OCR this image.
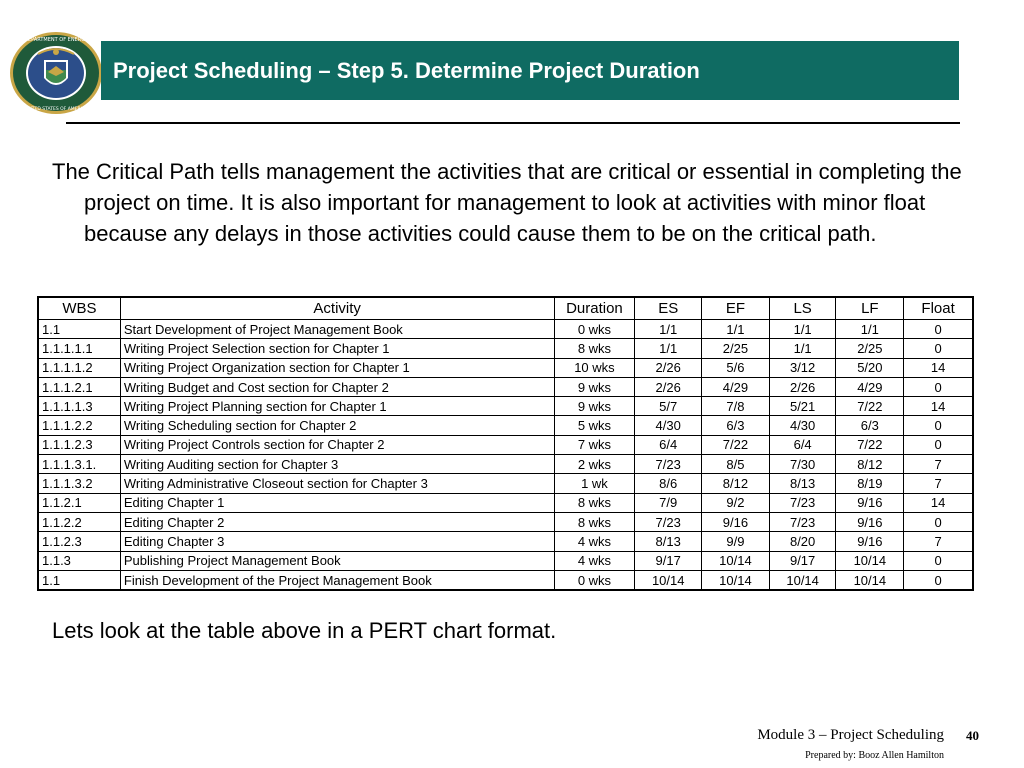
DEPARTMENT OF ENERGY
UNITED STATES OF AMERICA
Project Scheduling – Step 5. Determine Project Duration

The Critical Path tells management the activities that are critical or essential in completing the project on time. It is also important for management to look at activities with minor float because any delays in those activities could cause them to be on the critical path.

WBS	Activity	Duration	ES	EF	LS	LF	Float
1.1	Start Development of Project Management Book	0 wks	1/1	1/1	1/1	1/1	0
1.1.1.1.1	Writing Project Selection section for Chapter 1	8 wks	1/1	2/25	1/1	2/25	0
1.1.1.1.2	Writing Project Organization section for Chapter 1	10 wks	2/26	5/6	3/12	5/20	14
1.1.1.2.1	Writing Budget and Cost section for Chapter 2	9 wks	2/26	4/29	2/26	4/29	0
1.1.1.1.3	Writing Project Planning section for Chapter 1	9 wks	5/7	7/8	5/21	7/22	14
1.1.1.2.2	Writing Scheduling section for Chapter 2	5 wks	4/30	6/3	4/30	6/3	0
1.1.1.2.3	Writing Project Controls section for Chapter 2	7 wks	6/4	7/22	6/4	7/22	0
1.1.1.3.1.	Writing Auditing section for Chapter 3	2 wks	7/23	8/5	7/30	8/12	7
1.1.1.3.2	Writing Administrative Closeout section for Chapter 3	1 wk	8/6	8/12	8/13	8/19	7
1.1.2.1	Editing Chapter 1	8 wks	7/9	9/2	7/23	9/16	14
1.1.2.2	Editing Chapter 2	8 wks	7/23	9/16	7/23	9/16	0
1.1.2.3	Editing Chapter 3	4 wks	8/13	9/9	8/20	9/16	7
1.1.3	Publishing Project Management Book	4 wks	9/17	10/14	9/17	10/14	0
1.1	Finish Development of the Project Management Book	0 wks	10/14	10/14	10/14	10/14	0

Lets look at the table above in a PERT chart format.

Module 3 – Project Scheduling 40
Prepared by: Booz Allen Hamilton
